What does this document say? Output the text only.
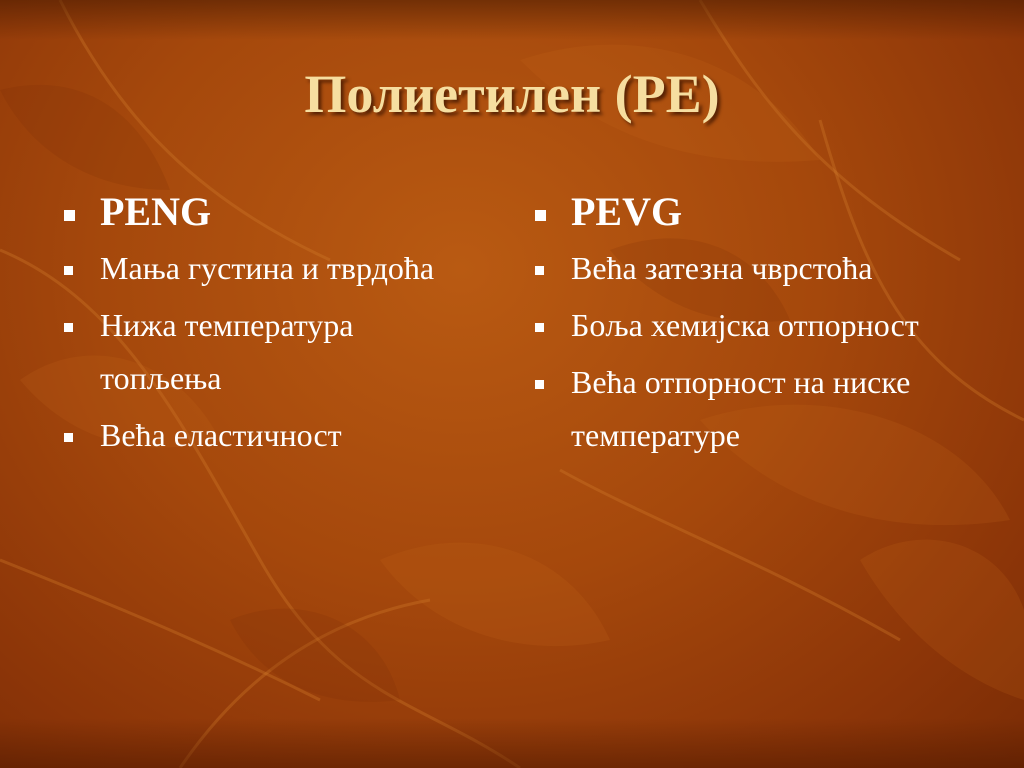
Полиетилен (PE)
PENG
Мања густина и тврдоћа
Нижа температура топљења
Већа еластичност
PEVG
Већа затезна чврстоћа
Боља хемијска отпорност
Већа отпорност на ниске температуре
